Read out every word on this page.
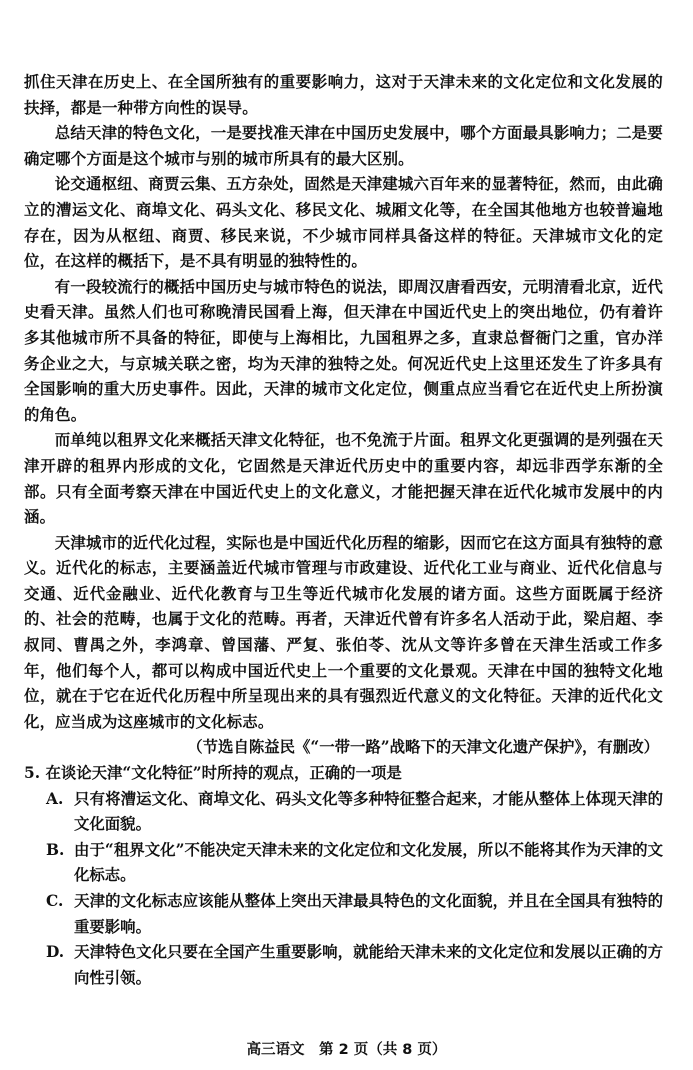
抓住天津在历史上、在全国所独有的重要影响力，这对于天津未来的文化定位和文化发展的扶择，都是一种带方向性的误导。

总结天津的特色文化，一是要找准天津在中国历史发展中，哪个方面最具影响力；二是要确定哪个方面是这个城市与别的城市所具有的最大区别。

论交通枢纽、商贾云集、五方杂处，固然是天津建城六百年来的显著特征，然而，由此确立的漕运文化、商埠文化、码头文化、移民文化、城厢文化等，在全国其他地方也较普遍地存在，因为从枢纽、商贾、移民来说，不少城市同样具备这样的特征。天津城市文化的定位，在这样的概括下，是不具有明显的独特性的。

有一段较流行的概括中国历史与城市特色的说法，即周汉唐看西安，元明清看北京，近代史看天津。虽然人们也可称晚清民国看上海，但天津在中国近代史上的突出地位，仍有着许多其他城市所不具备的特征，即使与上海相比，九国租界之多，直隶总督衙门之重，官办洋务企业之大，与京城关联之密，均为天津的独特之处。何况近代史上这里还发生了许多具有全国影响的重大历史事件。因此，天津的城市文化定位，侧重点应当看它在近代史上所扮演的角色。

而单纯以租界文化来概括天津文化特征，也不免流于片面。租界文化更强调的是列强在天津开辟的租界内形成的文化，它固然是天津近代历史中的重要内容，却远非西学东渐的全部。只有全面考察天津在中国近代史上的文化意义，才能把握天津在近代化城市发展中的内涵。

天津城市的近代化过程，实际也是中国近代化历程的缩影，因而它在这方面具有独特的意义。近代化的标志，主要涵盖近代城市管理与市政建设、近代化工业与商业、近代化信息与交通、近代金融业、近代化教育与卫生等近代城市化发展的诸方面。这些方面既属于经济的、社会的范畴，也属于文化的范畴。再者，天津近代曾有许多名人活动于此，梁启超、李叔同、曹禺之外，李鸿章、曾国藩、严复、张伯苓、沈从文等许多曾在天津生活或工作多年，他们每个人，都可以构成中国近代史上一个重要的文化景观。天津在中国的独特文化地位，就在于它在近代化历程中所呈现出来的具有强烈近代意义的文化特征。天津的近代化文化，应当成为这座城市的文化标志。

（节选自陈益民《“一带一路”战略下的天津文化遗产保护》，有删改）

5. 在谈论天津“文化特征”时所持的观点，正确的一项是

A. 只有将漕运文化、商埠文化、码头文化等多种特征整合起来，才能从整体上体现天津的文化面貌。

B. 由于“租界文化”不能决定天津未来的文化定位和文化发展，所以不能将其作为天津的文化标志。

C. 天津的文化标志应该能从整体上突出天津最具特色的文化面貌，并且在全国具有独特的重要影响。

D. 天津特色文化只要在全国产生重要影响，就能给天津未来的文化定位和发展以正确的方向性引领。

高三语文　第 2 页（共 8 页）
